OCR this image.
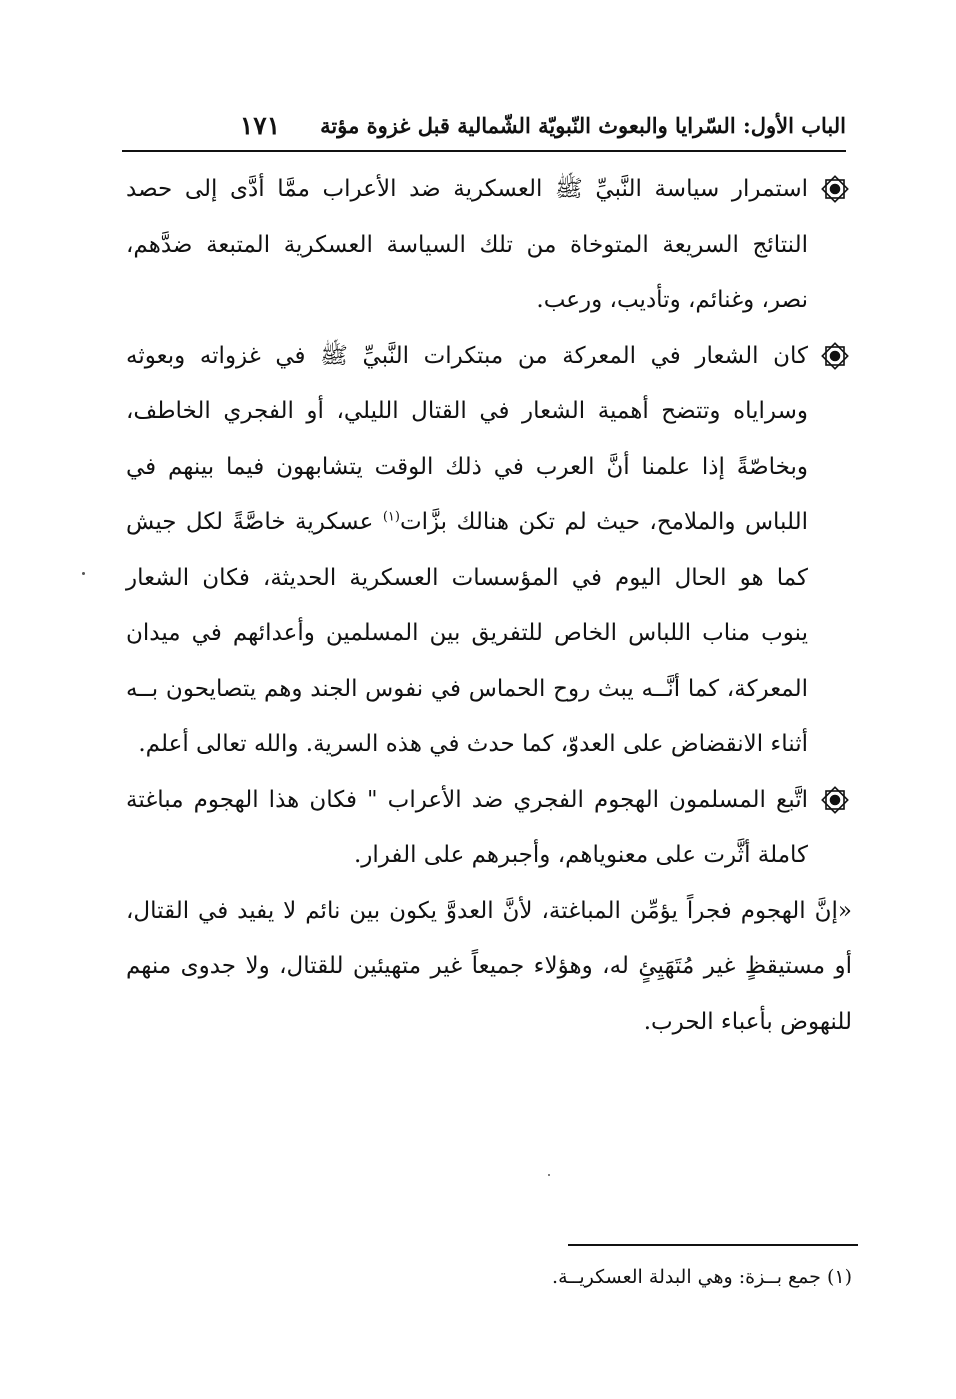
الباب الأول: السّرايا والبعوث النّبويّة الشّمالية قبل غزوة مؤتة
١٧١

استمرار سياسة النَّبيِّ ﷺ العسكرية ضد الأعراب ممَّا أدَّى إلى حصد النتائج السريعة المتوخاة من تلك السياسة العسكرية المتبعة ضدَّهم، نصر، وغنائم، وتأديب، ورعب.

كان الشعار في المعركة من مبتكرات النَّبيِّ ﷺ في غزواته وبعوثه وسراياه وتتضح أهمية الشعار في القتال الليلي، أو الفجري الخاطف، وبخاصّةً إذا علمنا أنَّ العرب في ذلك الوقت يتشابهون فيما بينهم في اللباس والملامح، حيث لم تكن هنالك بزَّات$^{(١)}$ عسكرية خاصَّةً لكل جيش كما هو الحال اليوم في المؤسسات العسكرية الحديثة، فكان الشعار ينوب مناب اللباس الخاص للتفريق بين المسلمين وأعدائهم في ميدان المعركة، كما أنَّــه يبث روح الحماس في نفوس الجند وهم يتصايحون بــه أثناء الانقضاض على العدوّ، كما حدث في هذه السرية. والله تعالى أعلم.

اتَّبع المسلمون الهجوم الفجري ضد الأعراب " فكان هذا الهجوم مباغتة كاملة أثَّرت على معنوياهم، وأجبرهم على الفرار.

«إنَّ الهجوم فجراً يؤمِّن المباغتة، لأنَّ العدوَّ يكون بين نائم لا يفيد في القتال، أو مستيقظٍ غير مُتَهَيِئٍ له، وهؤلاء جميعاً غير متهيئين للقتال، ولا جدوى منهم للنهوض بأعباء الحرب.

(١) جمع بــزة: وهي البدلة العسكريــة.
